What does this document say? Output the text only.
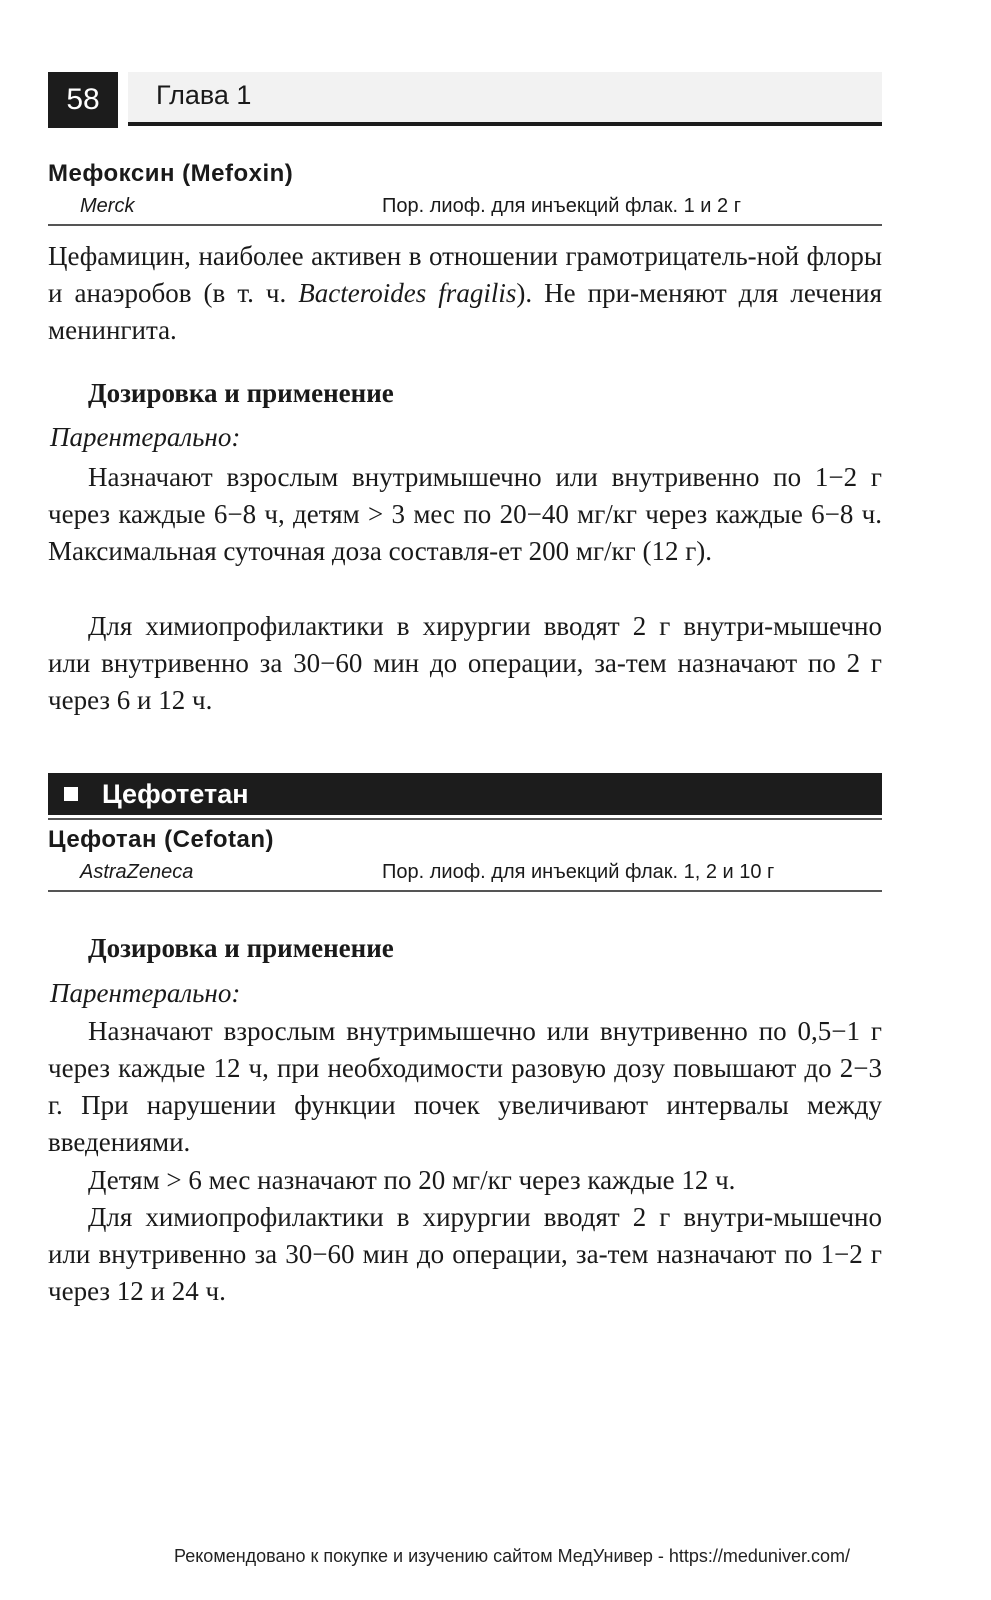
58	Глава 1
Мефоксин (Mefoxin)
Merck	Пор. лиоф. для инъекций флак. 1 и 2 г

Цефамицин, наиболее активен в отношении грамотрицатель-ной флоры и анаэробов (в т. ч. Bacteroides fragilis). Не при-меняют для лечения менингита.

Дозировка и применение
Парентерально:

Назначают взрослым внутримышечно или внутривенно по 1−2 г через каждые 6−8 ч, детям > 3 мес по 20−40 мг/кг через каждые 6−8 ч. Максимальная суточная доза составля-ет 200 мг/кг (12 г).

Для химиопрофилактики в хирургии вводят 2 г внутри-мышечно или внутривенно за 30−60 мин до операции, за-тем назначают по 2 г через 6 и 12 ч.

Цефотетан
Цефотан (Cefotan)
AstraZeneca	Пор. лиоф. для инъекций флак. 1, 2 и 10 г
Дозировка и применение
Парентерально:

Назначают взрослым внутримышечно или внутривенно по 0,5−1 г через каждые 12 ч, при необходимости разовую дозу повышают до 2−3 г. При нарушении функции почек увеличивают интервалы между введениями.

Детям > 6 мес назначают по 20 мг/кг через каждые 12 ч.

Для химиопрофилактики в хирургии вводят 2 г внутри-мышечно или внутривенно за 30−60 мин до операции, за-тем назначают по 1−2 г через 12 и 24 ч.

Рекомендовано к покупке и изучению сайтом МедУнивер - https://meduniver.com/
